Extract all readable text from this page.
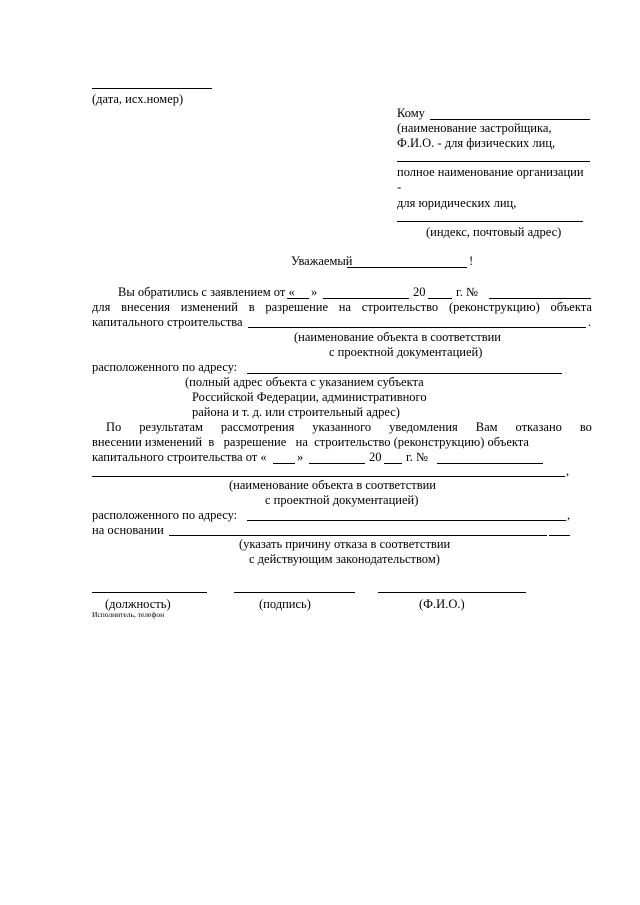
(дата, исх.номер)
Кому
(наименование застройщика,
Ф.И.О. - для физических лиц,
полное наименование организации
-
для юридических лиц,
(индекс, почтовый адрес)
Уважаемый	!
Вы обратились с заявлением от « »	20 г. №
для внесения изменений в разрешение на строительство (реконструкцию) объекта
капитального строительства	.
(наименование объекта в соответствии
с проектной документацией)
расположенного по адресу:
(полный адрес объекта с указанием субъекта
Российской Федерации, административного
района и т. д. или строительный адрес)
По результатам рассмотрения указанного уведомления Вам отказано во
внесении изменений  в   разрешение   на  строительство (реконструкцию) объекта
капитального строительства от « »	20 г. №
,
(наименование объекта в соответствии
с проектной документацией)
расположенного по адресу:	,
на основании
(указать причину отказа в соответствии
с действующим законодательством)
(должность)	(подпись)	(Ф.И.О.)
Исполнитель, телефон
